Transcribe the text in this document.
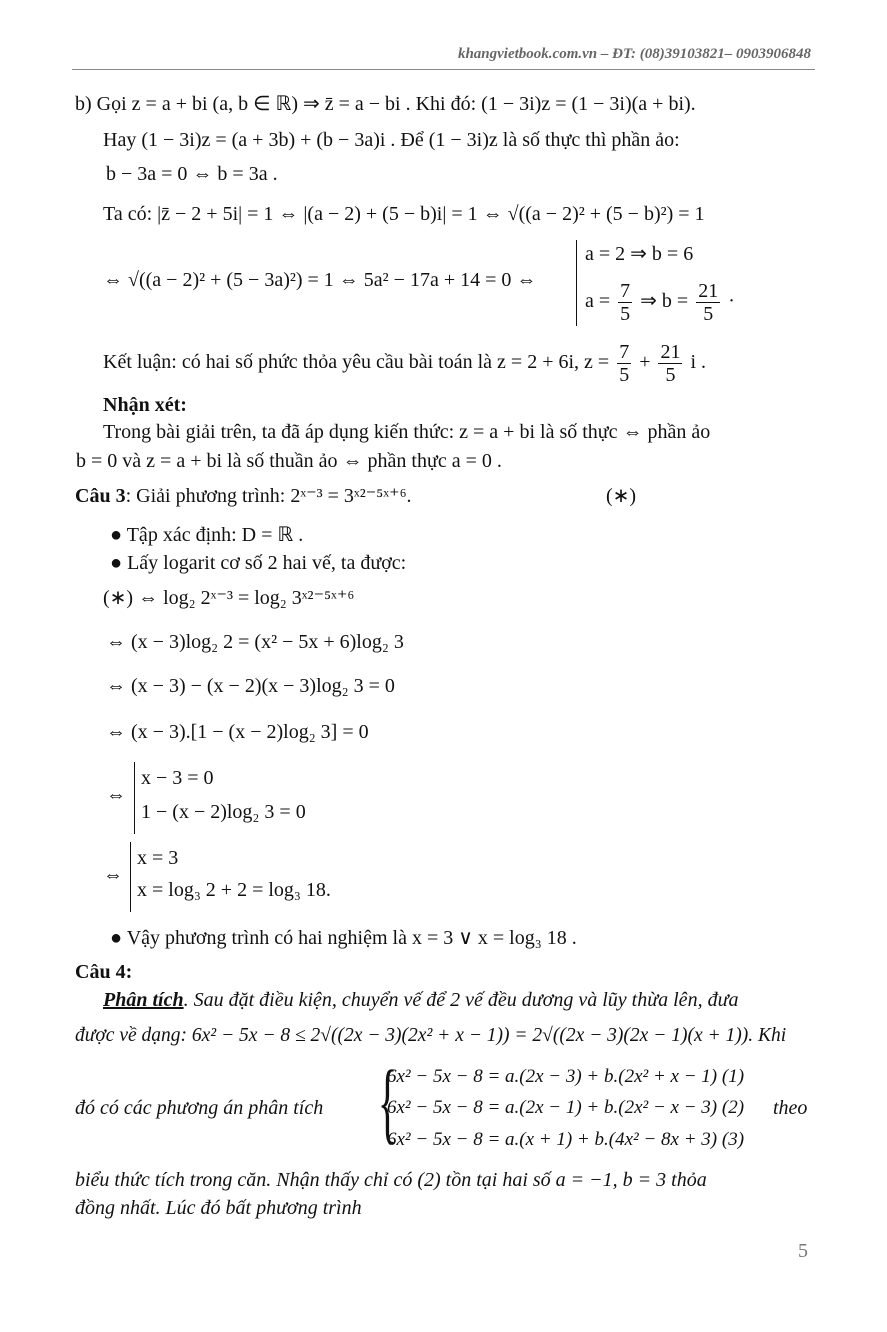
khangvietbook.com.vn – ĐT: (08)39103821– 0903906848
b) Gọi z = a + bi (a, b ∈ ℝ) ⇒ z̄ = a − bi . Khi đó: (1 − 3i)z = (1 − 3i)(a + bi).
Hay (1 − 3i)z = (a + 3b) + (b − 3a)i . Để (1 − 3i)z là số thực thì phần ảo:
b − 3a = 0 ⇔ b = 3a .
Ta có: |z̄ − 2 + 5i| = 1 ⇔ |(a − 2) + (5 − b)i| = 1 ⇔ √((a − 2)² + (5 − b)²) = 1
⇔ √((a − 2)² + (5 − 3a)²) = 1 ⇔ 5a² − 17a + 14 = 0 ⇔
a = 2 ⇒ b = 6
$a = \frac{7}{5}$ ⇒ $b = \frac{21}{5}$ ·
Kết luận: có hai số phức thỏa yêu cầu bài toán là z = 2 + 6i, $z = \frac{7}{5} + \frac{21}{5}$ i .
Nhận xét:
Trong bài giải trên, ta đã áp dụng kiến thức: z = a + bi là số thực ⇔ phần ảo
b = 0 và z = a + bi là số thuần ảo ⇔ phần thực a = 0 .
Câu 3: Giải phương trình: 2ˣ⁻³ = 3ˣ²⁻⁵ˣ⁺⁶.	(∗)
● Tập xác định: D = ℝ .
● Lấy logarit cơ số 2 hai vế, ta được:
(∗) ⇔ log₂ 2ˣ⁻³ = log₂ 3ˣ²⁻⁵ˣ⁺⁶
⇔ (x − 3)log₂ 2 = (x² − 5x + 6)log₂ 3
⇔ (x − 3) − (x − 2)(x − 3)log₂ 3 = 0
⇔ (x − 3).[1 − (x − 2)log₂ 3] = 0
⇔
x − 3 = 0
1 − (x − 2)log₂ 3 = 0
⇔
x = 3
x = log₃ 2 + 2 = log₃ 18.
● Vậy phương trình có hai nghiệm là x = 3 ∨ x = log₃ 18 .
Câu 4:
Phân tích. Sau đặt điều kiện, chuyển vế để 2 vế đều dương và lũy thừa lên, đưa
được về dạng: 6x² − 5x − 8 ≤ 2√((2x − 3)(2x² + x − 1)) = 2√((2x − 3)(2x − 1)(x + 1)). Khi
đó có các phương án phân tích {
6x² − 5x − 8 = a.(2x − 3) + b.(2x² + x − 1) (1)
6x² − 5x − 8 = a.(2x − 1) + b.(2x² − x − 3) (2)
6x² − 5x − 8 = a.(x + 1) + b.(4x² − 8x + 3) (3)
theo
biểu thức tích trong căn. Nhận thấy chỉ có (2) tồn tại hai số a = −1, b = 3 thỏa
đồng nhất. Lúc đó bất phương trình
5
